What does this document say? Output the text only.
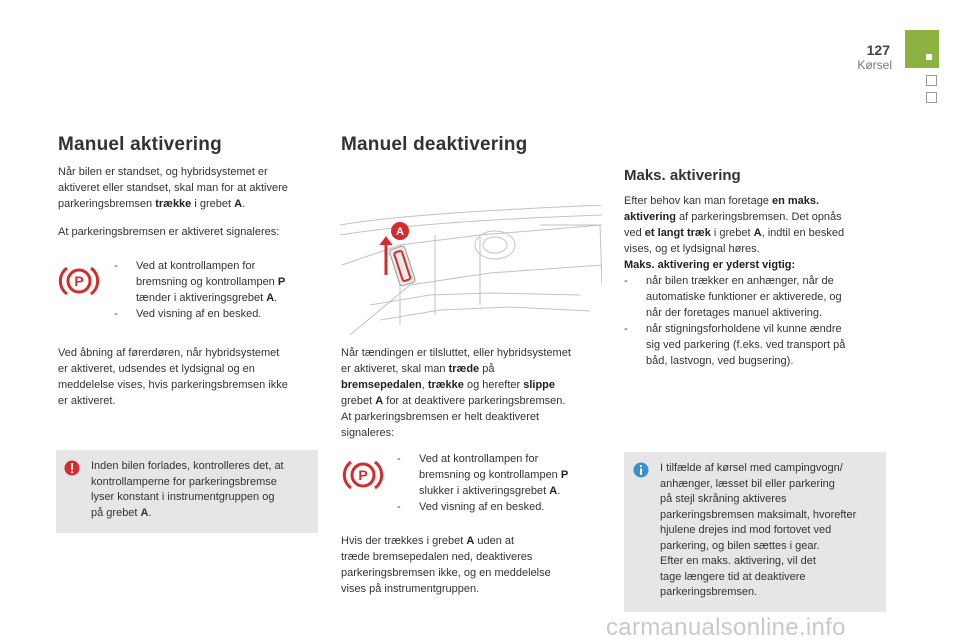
127
Kørsel
Manuel aktivering
Når bilen er standset, og hybridsystemet er
aktiveret eller standset, skal man for at aktivere
parkeringsbremsen trække i grebet A.
At parkeringsbremsen er aktiveret signaleres:
P
- Ved at kontrollampen for
bremsning og kontrollampen P
tænder i aktiveringsgrebet A.
- Ved visning af en besked.
Ved åbning af førerdøren, når hybridsystemet
er aktiveret, udsendes et lydsignal og en
meddelelse vises, hvis parkeringsbremsen ikke
er aktiveret.
Inden bilen forlades, kontrolleres det, at
kontrollamperne for parkeringsbremse
lyser konstant i instrumentgruppen og
på grebet A.
Manuel deaktivering
A
Når tændingen er tilsluttet, eller hybridsystemet
er aktiveret, skal man træde på
bremsepedalen, trække og herefter slippe
grebet A for at deaktivere parkeringsbremsen.
At parkeringsbremsen er helt deaktiveret
signaleres:
P
- Ved at kontrollampen for
bremsning og kontrollampen P
slukker i aktiveringsgrebet A.
- Ved visning af en besked.
Hvis der trækkes i grebet A uden at
træde bremsepedalen ned, deaktiveres
parkeringsbremsen ikke, og en meddelelse
vises på instrumentgruppen.
Maks. aktivering
Efter behov kan man foretage en maks.
aktivering af parkeringsbremsen. Det opnås
ved et langt træk i grebet A, indtil en besked
vises, og et lydsignal høres.
Maks. aktivering er yderst vigtig:
- når bilen trækker en anhænger, når de
automatiske funktioner er aktiverede, og
når der foretages manuel aktivering.
- når stigningsforholdene vil kunne ændre
sig ved parkering (f.eks. ved transport på
båd, lastvogn, ved bugsering).
I tilfælde af kørsel med campingvogn/
anhænger, læsset bil eller parkering
på stejl skråning aktiveres
parkeringsbremsen maksimalt, hvorefter
hjulene drejes ind mod fortovet ved
parkering, og bilen sættes i gear.
Efter en maks. aktivering, vil det
tage længere tid at deaktivere
parkeringsbremsen.
carmanualsonline.info
